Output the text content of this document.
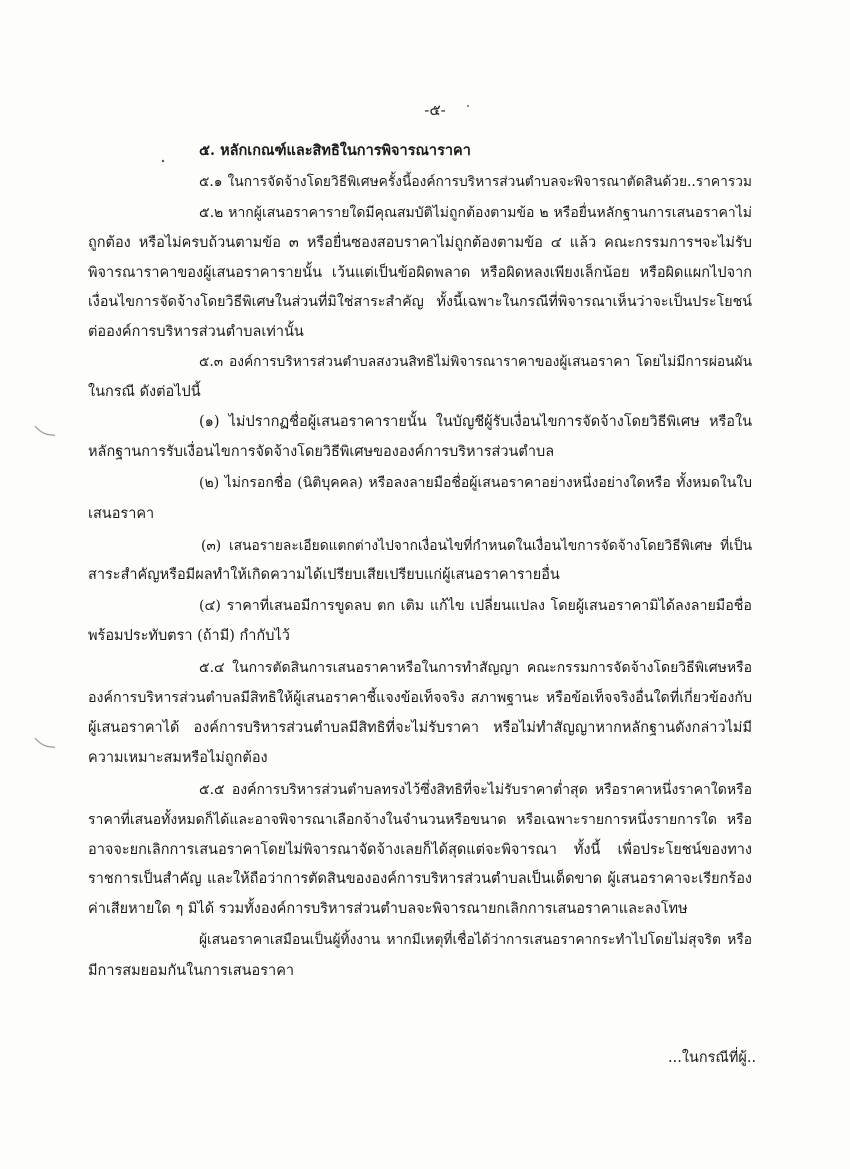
-๕-
๕. หลักเกณฑ์และสิทธิในการพิจารณาราคา
๕.๑ ในการจัดจ้างโดยวิธีพิเศษครั้งนี้องค์การบริหารส่วนตำบลจะพิจารณาตัดสินด้วย..ราคารวม
๕.๒ หากผู้เสนอราคารายใดมีคุณสมบัติไม่ถูกต้องตามข้อ ๒ หรือยื่นหลักฐานการเสนอราคาไม่
ถูกต้อง หรือไม่ครบถ้วนตามข้อ ๓ หรือยื่นซองสอบราคาไม่ถูกต้องตามข้อ ๔ แล้ว คณะกรรมการฯจะไม่รับ
พิจารณาราคาของผู้เสนอราคารายนั้น เว้นแต่เป็นข้อผิดพลาด หรือผิดหลงเพียงเล็กน้อย หรือผิดแผกไปจาก
เงื่อนไขการจัดจ้างโดยวิธีพิเศษในส่วนที่มิใช่สาระสำคัญ ทั้งนี้เฉพาะในกรณีที่พิจารณาเห็นว่าจะเป็นประโยชน์
ต่อองค์การบริหารส่วนตำบลเท่านั้น
๕.๓ องค์การบริหารส่วนตำบลสงวนสิทธิไม่พิจารณาราคาของผู้เสนอราคา โดยไม่มีการผ่อนผัน
ในกรณี ดังต่อไปนี้
(๑) ไม่ปรากฏชื่อผู้เสนอราคารายนั้น ในบัญชีผู้รับเงื่อนไขการจัดจ้างโดยวิธีพิเศษ หรือใน
หลักฐานการรับเงื่อนไขการจัดจ้างโดยวิธีพิเศษขององค์การบริหารส่วนตำบล
(๒) ไม่กรอกชื่อ (นิติบุคคล) หรือลงลายมือชื่อผู้เสนอราคาอย่างหนึ่งอย่างใดหรือ ทั้งหมดในใบ
เสนอราคา
(๓) เสนอรายละเอียดแตกต่างไปจากเงื่อนไขที่กำหนดในเงื่อนไขการจัดจ้างโดยวิธีพิเศษ ที่เป็น
สาระสำคัญหรือมีผลทำให้เกิดความได้เปรียบเสียเปรียบแก่ผู้เสนอราคารายอื่น
(๔) ราคาที่เสนอมีการขูดลบ ตก เติม แก้ไข เปลี่ยนแปลง โดยผู้เสนอราคามิได้ลงลายมือชื่อ
พร้อมประทับตรา (ถ้ามี) กำกับไว้
๕.๔ ในการตัดสินการเสนอราคาหรือในการทำสัญญา คณะกรรมการจัดจ้างโดยวิธีพิเศษหรือ
องค์การบริหารส่วนตำบลมีสิทธิให้ผู้เสนอราคาชี้แจงข้อเท็จจริง สภาพฐานะ หรือข้อเท็จจริงอื่นใดที่เกี่ยวข้องกับ
ผู้เสนอราคาได้ องค์การบริหารส่วนตำบลมีสิทธิที่จะไม่รับราคา หรือไม่ทำสัญญาหากหลักฐานดังกล่าวไม่มี
ความเหมาะสมหรือไม่ถูกต้อง
๕.๕ องค์การบริหารส่วนตำบลทรงไว้ซึ่งสิทธิที่จะไม่รับราคาต่ำสุด หรือราคาหนึ่งราคาใดหรือ
ราคาที่เสนอทั้งหมดก็ได้และอาจพิจารณาเลือกจ้างในจำนวนหรือขนาด หรือเฉพาะรายการหนึ่งรายการใด หรือ
อาจจะยกเลิกการเสนอราคาโดยไม่พิจารณาจัดจ้างเลยก็ได้สุดแต่จะพิจารณา ทั้งนี้ เพื่อประโยชน์ของทาง
ราชการเป็นสำคัญ และให้ถือว่าการตัดสินขององค์การบริหารส่วนตำบลเป็นเด็ดขาด ผู้เสนอราคาจะเรียกร้อง
ค่าเสียหายใด ๆ มิได้ รวมทั้งองค์การบริหารส่วนตำบลจะพิจารณายกเลิกการเสนอราคาและลงโทษ
ผู้เสนอราคาเสมือนเป็นผู้ทิ้งงาน หากมีเหตุที่เชื่อได้ว่าการเสนอราคากระทำไปโดยไม่สุจริต หรือ
มีการสมยอมกันในการเสนอราคา
...ในกรณีที่ผู้..
